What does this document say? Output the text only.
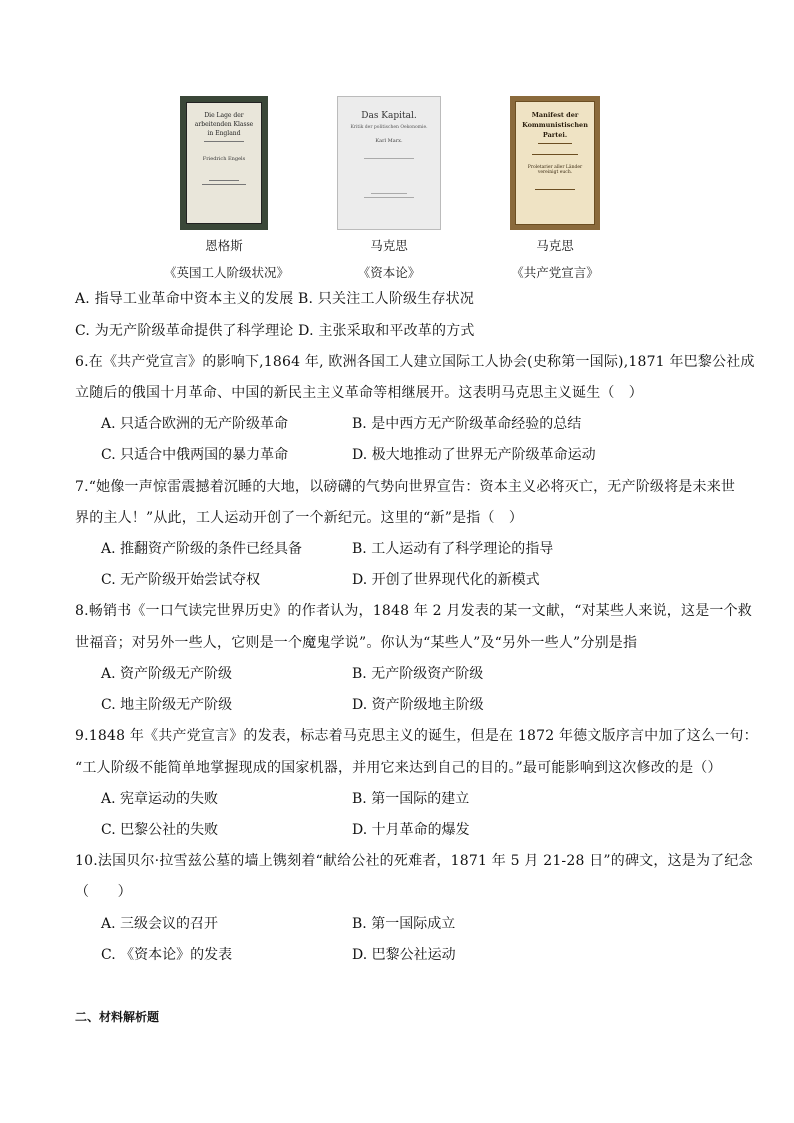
Die Lage der arbeitenden Klasse in England
Friedrich Engels
恩格斯
《英国工人阶级状况》
Das Kapital.
Kritik der politischen Oekonomie.
Karl Marx.
马克思
《资本论》
Manifest der Kommunistischen Partei.
Proletarier aller Länder vereinigt euch.
马克思
《共产党宣言》
A. 指导工业革命中资本主义的发展 B. 只关注工人阶级生存状况
C. 为无产阶级革命提供了科学理论 D. 主张采取和平改革的方式
6.在《共产党宣言》的影响下,1864 年, 欧洲各国工人建立国际工人协会(史称第一国际),1871 年巴黎公社成
立随后的俄国十月革命、中国的新民主主义革命等相继展开。这表明马克思主义诞生（　）
A. 只适合欧洲的无产阶级革命	B. 是中西方无产阶级革命经验的总结
C. 只适合中俄两国的暴力革命	D. 极大地推动了世界无产阶级革命运动
7.“她像一声惊雷震撼着沉睡的大地，以磅礴的气势向世界宣告：资本主义必将灭亡，无产阶级将是未来世
界的主人！”从此，工人运动开创了一个新纪元。这里的“新”是指（　）
A. 推翻资产阶级的条件已经具备	B. 工人运动有了科学理论的指导
C. 无产阶级开始尝试夺权	D. 开创了世界现代化的新模式
8.畅销书《一口气读完世界历史》的作者认为，1848 年 2 月发表的某一文献，“对某些人来说，这是一个救
世福音；对另外一些人，它则是一个魔鬼学说”。你认为“某些人”及“另外一些人”分别是指
A. 资产阶级无产阶级	B. 无产阶级资产阶级
C. 地主阶级无产阶级	D. 资产阶级地主阶级
9.1848 年《共产党宣言》的发表，标志着马克思主义的诞生，但是在 1872 年德文版序言中加了这么一句：
“工人阶级不能简单地掌握现成的国家机器，并用它来达到自己的目的。”最可能影响到这次修改的是（）
A. 宪章运动的失败	B. 第一国际的建立
C. 巴黎公社的失败	D. 十月革命的爆发
10.法国贝尔·拉雪兹公墓的墙上镌刻着“献给公社的死难者，1871 年 5 月 21-28 日”的碑文，这是为了纪念
（　　）
A. 三级会议的召开	B. 第一国际成立
C. 《资本论》的发表	D. 巴黎公社运动
二、材料解析题
